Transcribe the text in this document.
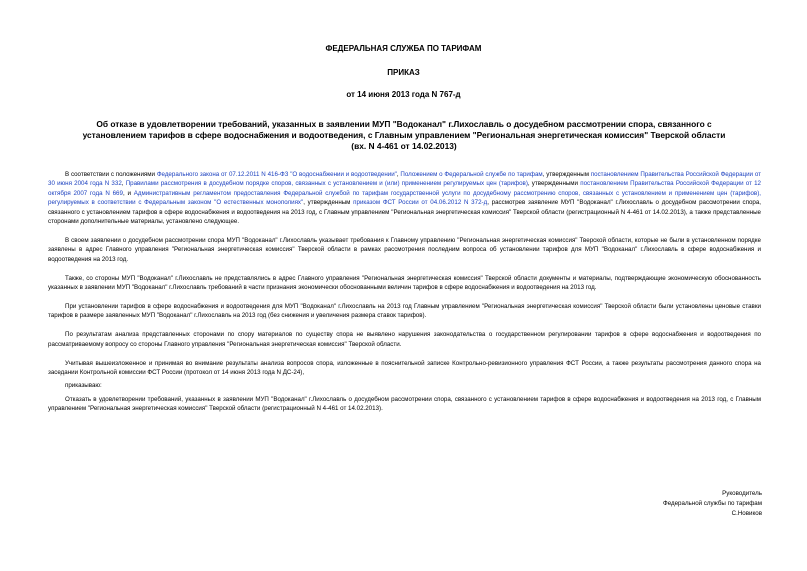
ФЕДЕРАЛЬНАЯ СЛУЖБА ПО ТАРИФАМ
ПРИКАЗ
от 14 июня 2013 года N 767-д
Об отказе в удовлетворении требований, указанных в заявлении МУП "Водоканал" г.Лихославль о досудебном рассмотрении спора, связанного с установлением тарифов в сфере водоснабжения и водоотведения, с Главным управлением "Региональная энергетическая комиссия" Тверской области
(вх. N 4-461 от 14.02.2013)

В соответствии с положениями Федерального закона от 07.12.2011 N 416-ФЗ "О водоснабжении и водоотведении", Положением о Федеральной службе по тарифам, утвержденным постановлением Правительства Российской Федерации от 30 июня 2004 года N 332, Правилами рассмотрения в досудебном порядке споров, связанных с установлением и (или) применением регулируемых цен (тарифов), утвержденными постановлением Правительства Российской Федерации от 12 октября 2007 года N 669, и Административным регламентом предоставления Федеральной службой по тарифам государственной услуги по досудебному рассмотрению споров, связанных с установлением и применением цен (тарифов), регулируемых в соответствии с Федеральным законом "О естественных монополиях", утвержденным приказом ФСТ России от 04.06.2012 N 372-д, рассмотрев заявление МУП "Водоканал" г.Лихославль о досудебном рассмотрении спора, связанного с установлением тарифов в сфере водоснабжения и водоотведения на 2013 год, с Главным управлением "Региональная энергетическая комиссия" Тверской области (регистрационный N 4-461 от 14.02.2013), а также представленные сторонами дополнительные материалы, установлено следующее.

В своем заявлении о досудебном рассмотрении спора МУП "Водоканал" г.Лихославль указывает требования к Главному управлению "Региональная энергетическая комиссия" Тверской области, которые не были в установленном порядке заявлены в адрес Главного управления "Региональная энергетическая комиссия" Тверской области в рамках рассмотрения последним вопроса об установлении тарифов для МУП "Водоканал" г.Лихославль в сфере водоснабжения и водоотведения на 2013 год.

Также, со стороны МУП "Водоканал" г.Лихославль не представлялись в адрес Главного управления "Региональная энергетическая комиссия" Тверской области документы и материалы, подтверждающие экономическую обоснованность указанных в заявлении МУП "Водоканал" г.Лихославль требований в части признания экономически обоснованными величин тарифов в сфере водоснабжения и водоотведения на 2013 год.

При установлении тарифов в сфере водоснабжения и водоотведения для МУП "Водоканал" г.Лихославль на 2013 год Главным управлением "Региональная энергетическая комиссия" Тверской области были установлены ценовые ставки тарифов в размере заявленных МУП "Водоканал" г.Лихославль на 2013 год (без снижения и увеличения размера ставок тарифов).

По результатам анализа представленных сторонами по спору материалов по существу спора не выявлено нарушения законодательства о государственном регулировании тарифов в сфере водоснабжения и водоотведения по рассматриваемому вопросу со стороны Главного управления "Региональная энергетическая комиссия" Тверской области.

Учитывая вышеизложенное и принимая во внимание результаты анализа вопросов спора, изложенные в пояснительной записке Контрольно-ревизионного управления ФСТ России, а также результаты рассмотрения данного спора на заседании Контрольной комиссии ФСТ России (протокол от 14 июня 2013 года N ДС-24),

приказываю:

Отказать в удовлетворении требований, указанных в заявлении МУП "Водоканал" г.Лихославль о досудебном рассмотрении спора, связанного с установлением тарифов в сфере водоснабжения и водоотведения на 2013 год, с Главным управлением "Региональная энергетическая комиссия" Тверской области (регистрационный N 4-461 от 14.02.2013).

Руководитель
Федеральной службы по тарифам
С.Новиков
